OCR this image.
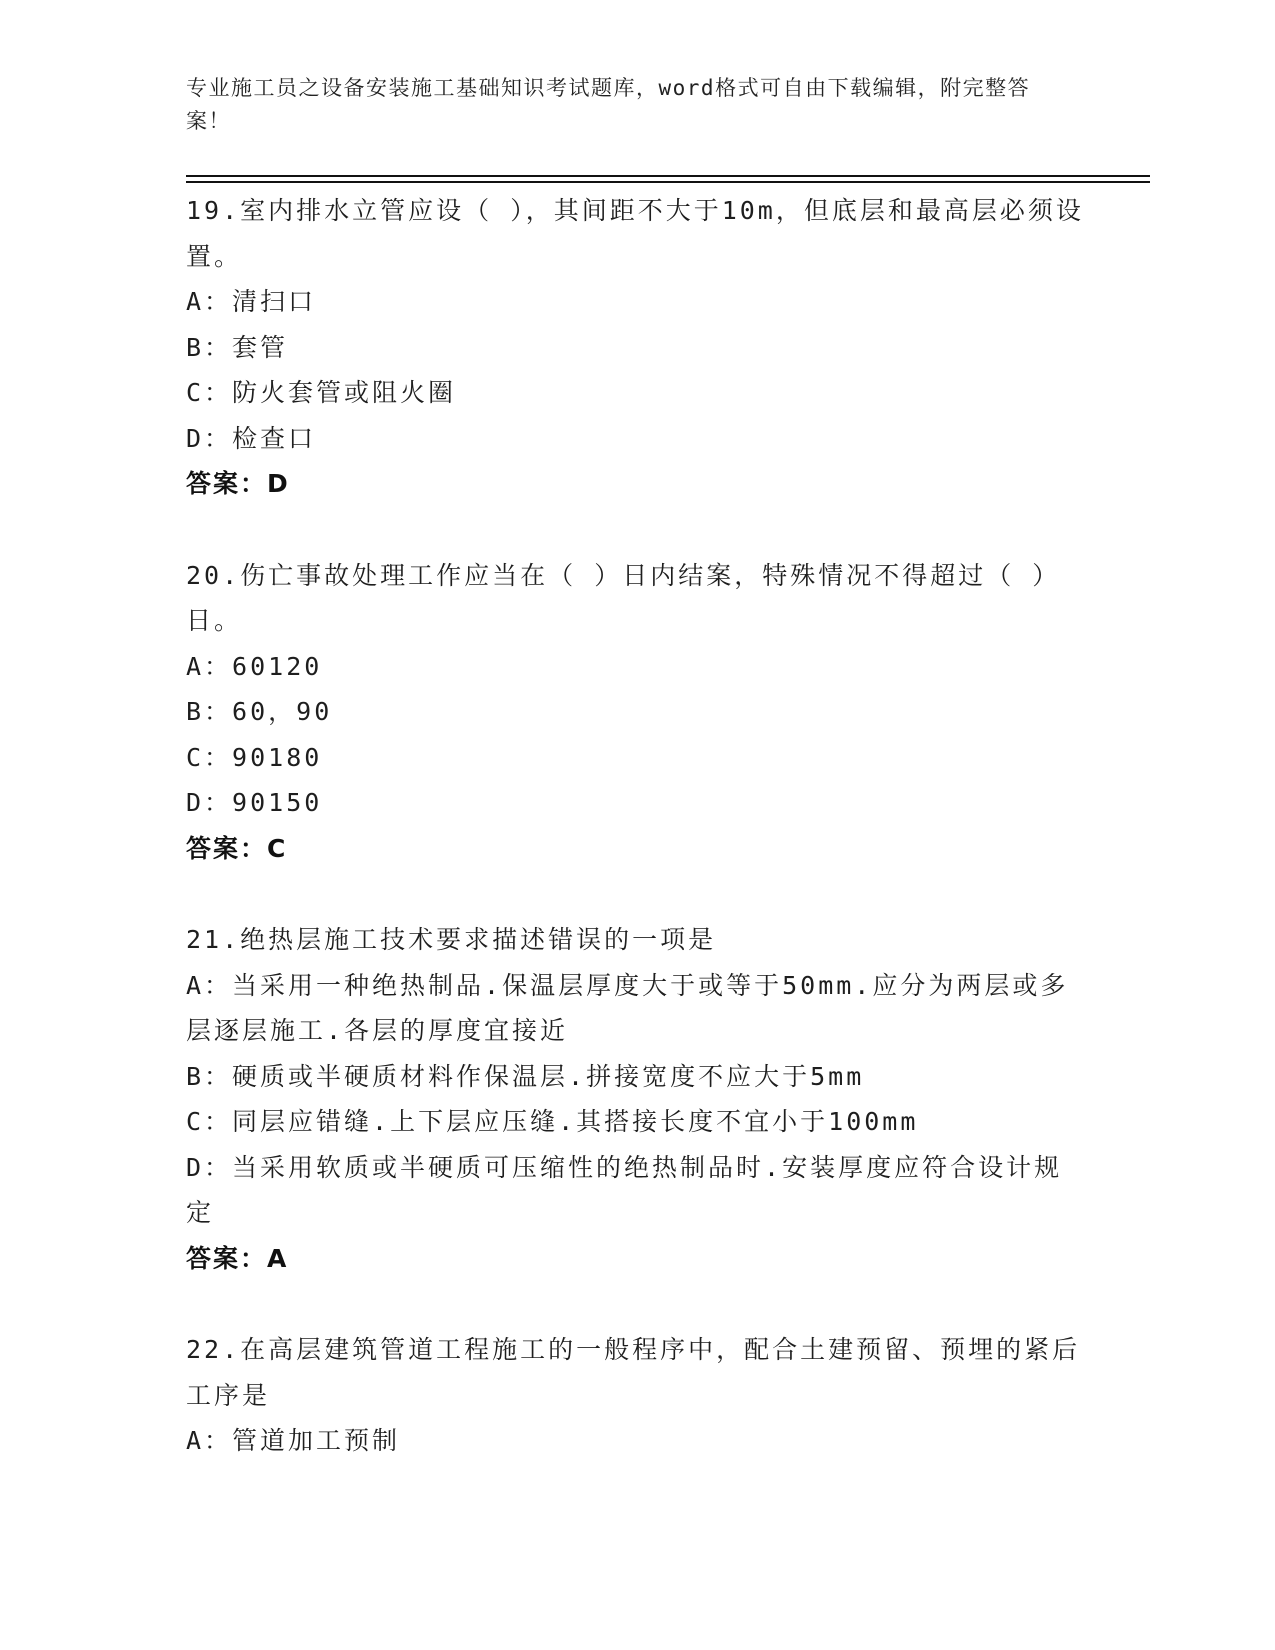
专业施工员之设备安装施工基础知识考试题库，word格式可自由下载编辑，附完整答案！
19.室内排水立管应设（ ），其间距不大于10m，但底层和最高层必须设置。
A：清扫口
B：套管
C：防火套管或阻火圈
D：检查口
答案：D
20.伤亡事故处理工作应当在（ ）日内结案，特殊情况不得超过（ ）日。
A：60120
B：60，90
C：90180
D：90150
答案：C
21.绝热层施工技术要求描述错误的一项是
A：当采用一种绝热制品.保温层厚度大于或等于50mm.应分为两层或多层逐层施工.各层的厚度宜接近
B：硬质或半硬质材料作保温层.拼接宽度不应大于5mm
C：同层应错缝.上下层应压缝.其搭接长度不宜小于100mm
D：当采用软质或半硬质可压缩性的绝热制品时.安装厚度应符合设计规定
答案：A
22.在高层建筑管道工程施工的一般程序中，配合土建预留、预埋的紧后工序是
A：管道加工预制
